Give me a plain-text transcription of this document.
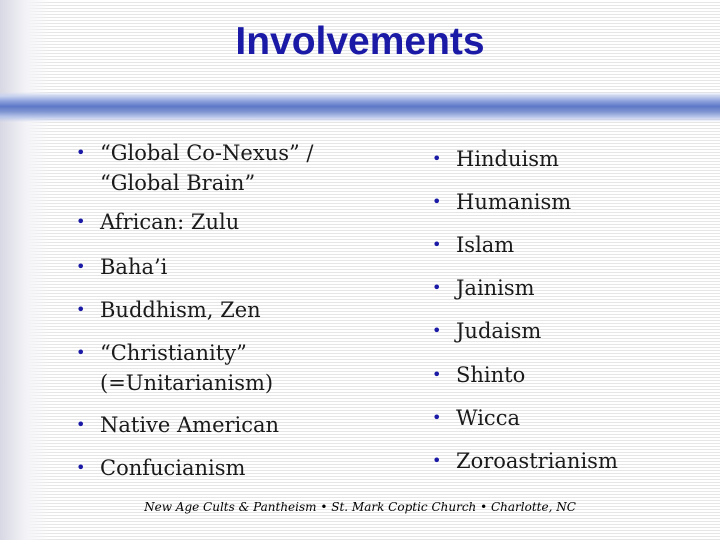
Involvements
• “Global Co-Nexus” /
“Global Brain”
• African: Zulu
• Baha’i
• Buddhism, Zen
• “Christianity”
(=Unitarianism)
• Native American
• Confucianism
• Hinduism
• Humanism
• Islam
• Jainism
• Judaism
• Shinto
• Wicca
• Zoroastrianism
New Age Cults & Pantheism • St. Mark Coptic Church • Charlotte, NC
